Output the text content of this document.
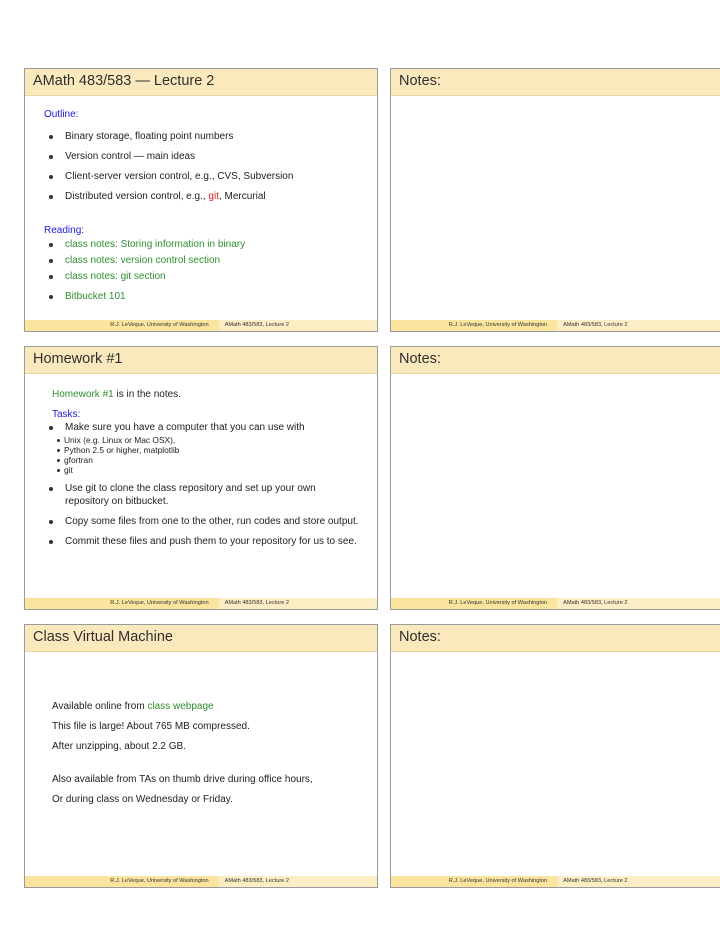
AMath 483/583 — Lecture 2

Outline:

Binary storage, floating point numbers
Version control — main ideas
Client-server version control, e.g., CVS, Subversion
Distributed version control, e.g., git, Mercurial

Reading:

class notes: Storing information in binary
class notes: version control section
class notes: git section
Bitbucket 101
R.J. LeVeque, University of Washington	AMath 483/583, Lecture 2
Notes:
R.J. LeVeque, University of Washington	AMath 483/583, Lecture 2
Homework #1

Homework #1 is in the notes.

Tasks:

Make sure you have a computer that you can use with
Unix (e.g. Linux or Mac OSX),
Python 2.5 or higher, matplotlib
gfortran
git
Use git to clone the class repository and set up your own repository on bitbucket.
Copy some files from one to the other, run codes and store output.
Commit these files and push them to your repository for us to see.
R.J. LeVeque, University of Washington	AMath 483/583, Lecture 2
Notes:
R.J. LeVeque, University of Washington	AMath 483/583, Lecture 2
Class Virtual Machine

Available online from class webpage

This file is large! About 765 MB compressed.

After unzipping, about 2.2 GB.

Also available from TAs on thumb drive during office hours,

Or during class on Wednesday or Friday.

R.J. LeVeque, University of Washington	AMath 483/583, Lecture 2
Notes:
R.J. LeVeque, University of Washington	AMath 483/583, Lecture 2
